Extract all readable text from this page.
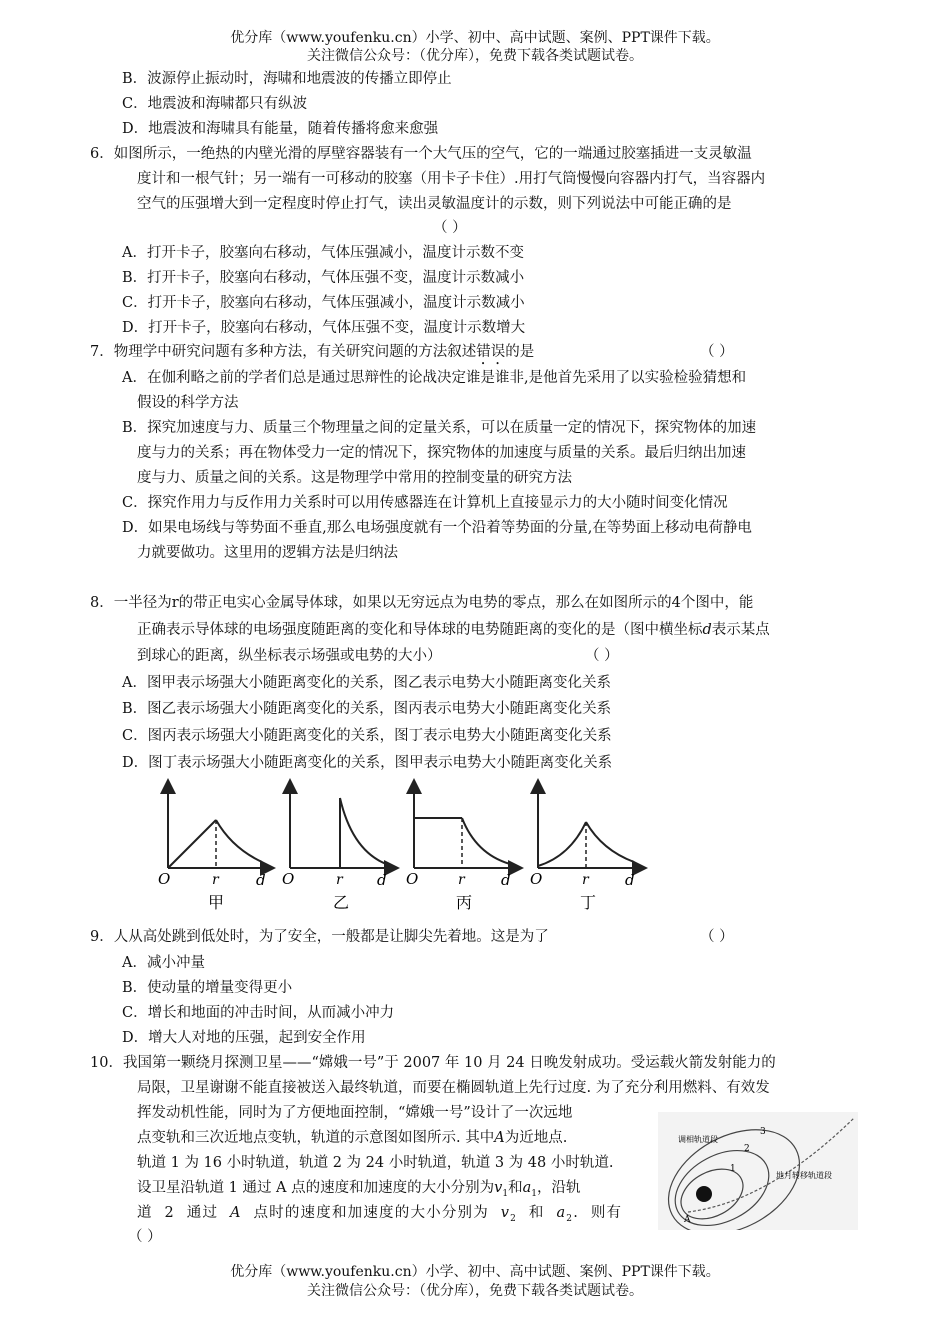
优分库（www.youfenku.cn）小学、初中、高中试题、案例、PPT课件下载。
关注微信公众号：（优分库），免费下载各类试题试卷。
B．波源停止振动时，海啸和地震波的传播立即停止
C．地震波和海啸都只有纵波
D．地震波和海啸具有能量，随着传播将愈来愈强
6．如图所示，一绝热的内壁光滑的厚壁容器装有一个大气压的空气，它的一端通过胶塞插进一支灵敏温
度计和一根气针；另一端有一可移动的胶塞（用卡子卡住）.用打气筒慢慢向容器内打气，当容器内
空气的压强增大到一定程度时停止打气，读出灵敏温度计的示数，则下列说法中可能正确的是
（ ）
A．打开卡子，胶塞向右移动，气体压强减小，温度计示数不变
B．打开卡子，胶塞向右移动，气体压强不变，温度计示数减小
C．打开卡子，胶塞向右移动，气体压强减小，温度计示数减小
D．打开卡子，胶塞向右移动，气体压强不变，温度计示数增大
7．物理学中研究问题有多种方法，有关研究问题的方法叙述错误的是	（ ）
A．在伽利略之前的学者们总是通过思辩性的论战决定谁是谁非,是他首先采用了以实验检验猜想和
假设的科学方法
B．探究加速度与力、质量三个物理量之间的定量关系，可以在质量一定的情况下，探究物体的加速
度与力的关系；再在物体受力一定的情况下，探究物体的加速度与质量的关系。最后归纳出加速
度与力、质量之间的关系。这是物理学中常用的控制变量的研究方法
C．探究作用力与反作用力关系时可以用传感器连在计算机上直接显示力的大小随时间变化情况
D．如果电场线与等势面不垂直,那么电场强度就有一个沿着等势面的分量,在等势面上移动电荷静电
力就要做功。这里用的逻辑方法是归纳法
8．一半径为r的带正电实心金属导体球，如果以无穷远点为电势的零点，那么在如图所示的4个图中，能
正确表示导体球的电场强度随距离的变化和导体球的电势随距离的变化的是（图中横坐标d表示某点
到球心的距离，纵坐标表示场强或电势的大小）	（ ）
A．图甲表示场强大小随距离变化的关系，图乙表示电势大小随距离变化关系
B．图乙表示场强大小随距离变化的关系，图丙表示电势大小随距离变化关系
C．图丙表示场强大小随距离变化的关系，图丁表示电势大小随距离变化关系
D．图丁表示场强大小随距离变化的关系，图甲表示电势大小随距离变化关系
O	r d
甲
O	r d
乙
O	r d
丙
O	r d
丁
9．人从高处跳到低处时，为了安全，一般都是让脚尖先着地。这是为了	（ ）
A．减小冲量
B．使动量的增量变得更小
C．增长和地面的冲击时间，从而减小冲力
D．增大人对地的压强，起到安全作用
10．我国第一颗绕月探测卫星——“嫦娥一号”于 2007 年 10 月 24 日晚发射成功。受运载火箭发射能力的
局限，卫星谢谢不能直接被送入最终轨道，而要在椭圆轨道上先行过度. 为了充分利用燃料、有效发
挥发动机性能，同时为了方便地面控制，“嫦娥一号”设计了一次远地
点变轨和三次近地点变轨，轨道的示意图如图所示. 其中A为近地点.
轨道 1 为 16 小时轨道，轨道 2 为 24 小时轨道，轨道 3 为 48 小时轨道.
设卫星沿轨道 1 通过 A 点的速度和加速度的大小分别为$v_1$和$a_1$，沿轨
道 2 通过 A 点时的速度和加速度的大小分别为 $v_2$ 和 $a_2$. 则有
（ ）
调相轨道段
地月转移轨道段
1
2
3
A
优分库（www.youfenku.cn）小学、初中、高中试题、案例、PPT课件下载。
关注微信公众号：（优分库），免费下载各类试题试卷。
